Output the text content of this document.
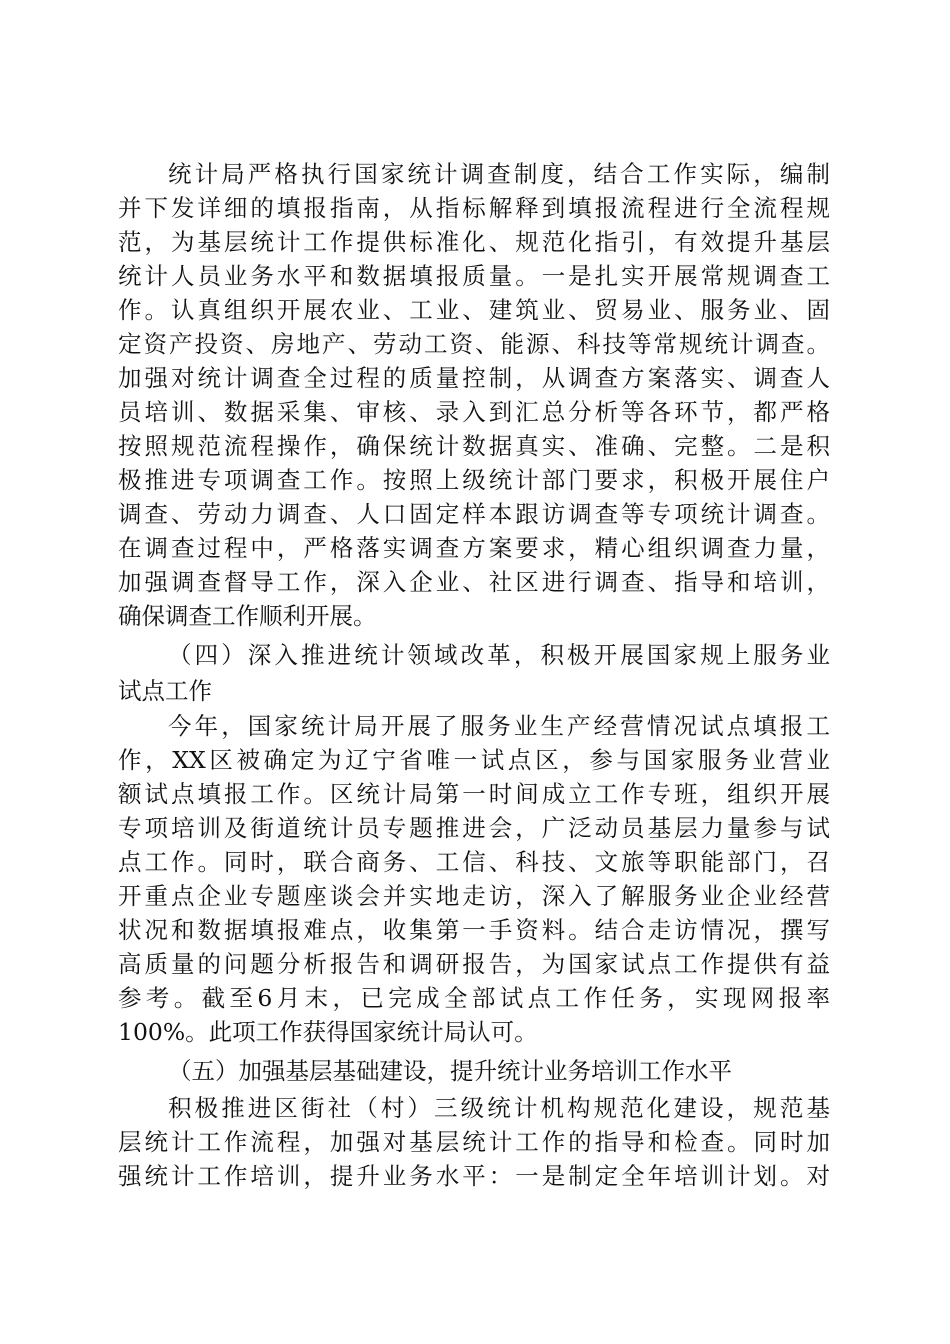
统计局严格执行国家统计调查制度，结合工作实际，编制
并下发详细的填报指南，从指标解释到填报流程进行全流程规
范，为基层统计工作提供标准化、规范化指引，有效提升基层
统计人员业务水平和数据填报质量。一是扎实开展常规调查工
作。认真组织开展农业、工业、建筑业、贸易业、服务业、固
定资产投资、房地产、劳动工资、能源、科技等常规统计调查。
加强对统计调查全过程的质量控制，从调查方案落实、调查人
员培训、数据采集、审核、录入到汇总分析等各环节，都严格
按照规范流程操作，确保统计数据真实、准确、完整。二是积
极推进专项调查工作。按照上级统计部门要求，积极开展住户
调查、劳动力调查、人口固定样本跟访调查等专项统计调查。
在调查过程中，严格落实调查方案要求，精心组织调查力量，
加强调查督导工作，深入企业、社区进行调查、指导和培训，
确保调查工作顺利开展。
（四）深入推进统计领域改革，积极开展国家规上服务业
试点工作
今年，国家统计局开展了服务业生产经营情况试点填报工
作，XX区被确定为辽宁省唯一试点区，参与国家服务业营业
额试点填报工作。区统计局第一时间成立工作专班，组织开展
专项培训及街道统计员专题推进会，广泛动员基层力量参与试
点工作。同时，联合商务、工信、科技、文旅等职能部门，召
开重点企业专题座谈会并实地走访，深入了解服务业企业经营
状况和数据填报难点，收集第一手资料。结合走访情况，撰写
高质量的问题分析报告和调研报告，为国家试点工作提供有益
参考。截至6月末，已完成全部试点工作任务，实现网报率
100%。此项工作获得国家统计局认可。
（五）加强基层基础建设，提升统计业务培训工作水平
积极推进区街社（村）三级统计机构规范化建设，规范基
层统计工作流程，加强对基层统计工作的指导和检查。同时加
强统计工作培训，提升业务水平：一是制定全年培训计划。对
